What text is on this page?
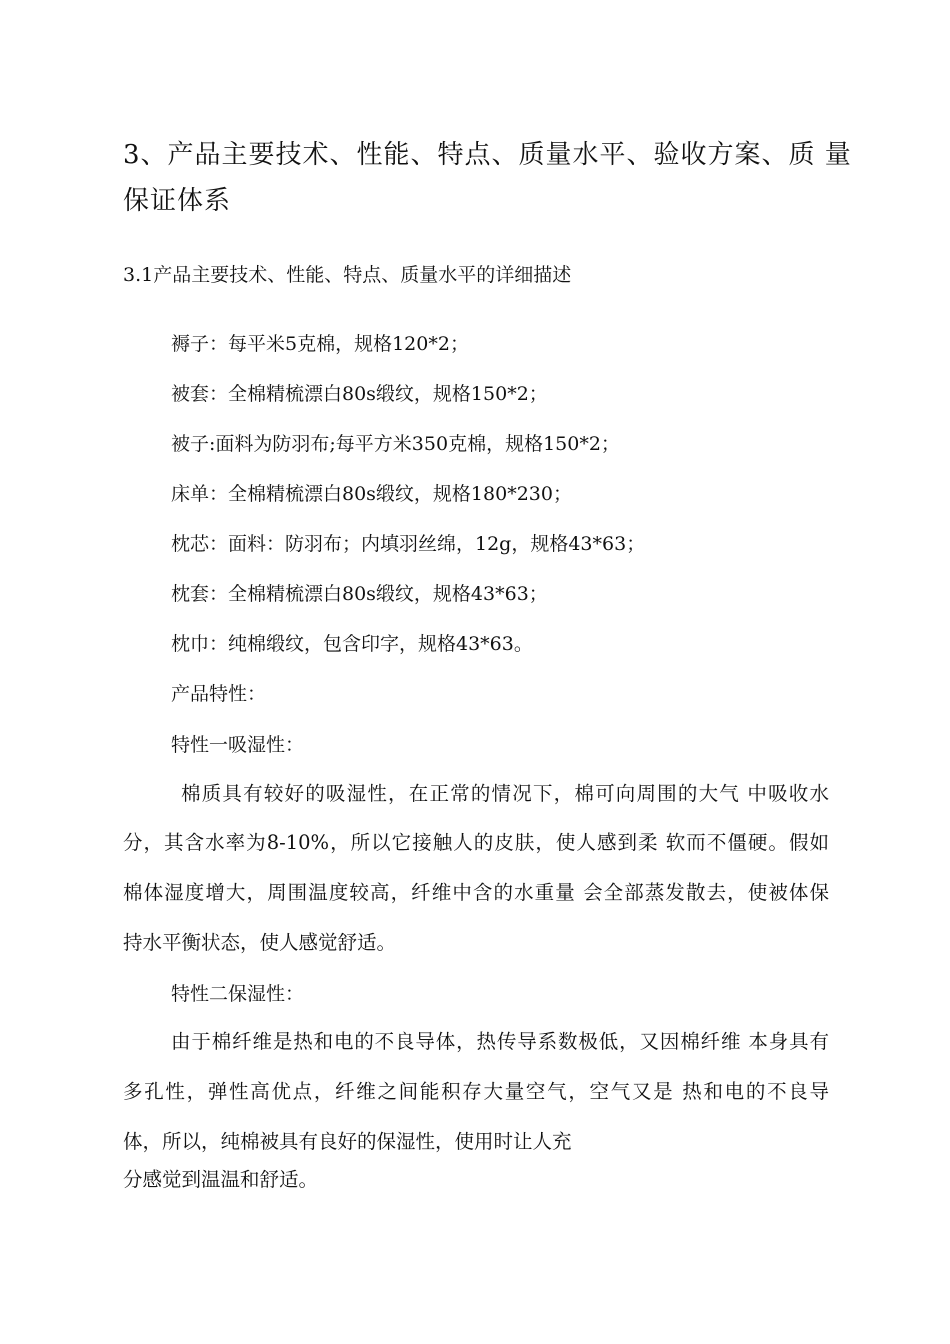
3、产品主要技术、性能、特点、质量水平、验收方案、质 量
保证体系
3.1产品主要技术、性能、特点、质量水平的详细描述
褥子：每平米5克棉，规格120*2；
被套：全棉精梳漂白80s缎纹，规格150*2；
被子:面料为防羽布;每平方米350克棉，规格150*2；
床单：全棉精梳漂白80s缎纹，规格180*230；
枕芯：面料：防羽布；内填羽丝绵，12g，规格43*63；
枕套：全棉精梳漂白80s缎纹，规格43*63；
枕巾：纯棉缎纹，包含印字，规格43*63。
产品特性：
特性一吸湿性：
棉质具有较好的吸湿性，在正常的情况下，棉可向周围的大气 中吸收水
分，其含水率为8-10%，所以它接触人的皮肤，使人感到柔 软而不僵硬。假如
棉体湿度增大，周围温度较高，纤维中含的水重量 会全部蒸发散去，使被体保
持水平衡状态，使人感觉舒适。
特性二保湿性：
由于棉纤维是热和电的不良导体，热传导系数极低，又因棉纤维 本身具有
多孔性，弹性高优点，纤维之间能积存大量空气，空气又是 热和电的不良导
体，所以，纯棉被具有良好的保湿性，使用时让人充
分感觉到温温和舒适。
